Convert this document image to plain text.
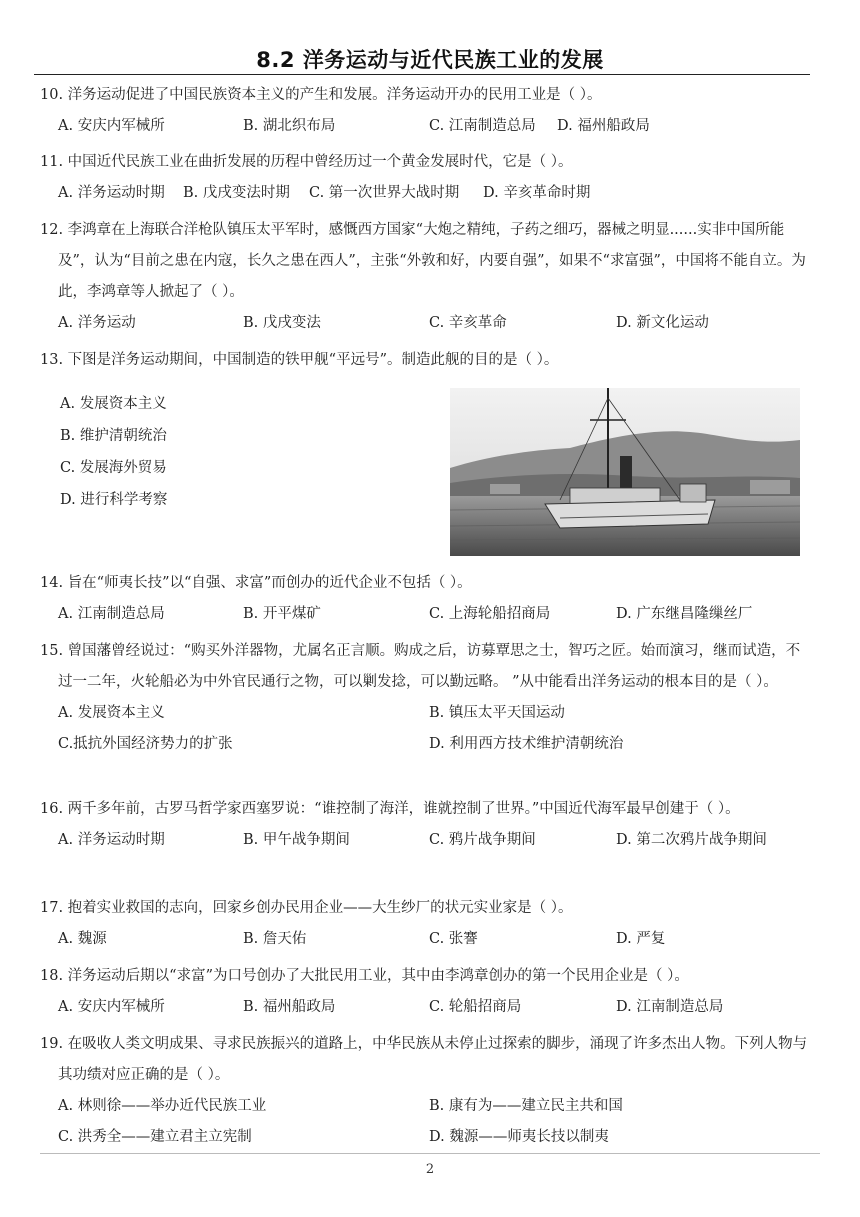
8.2 洋务运动与近代民族工业的发展
10. 洋务运动促进了中国民族资本主义的产生和发展。洋务运动开办的民用工业是（ ）。
A. 安庆内军械所	B. 湖北织布局	C. 江南制造总局 D. 福州船政局
11. 中国近代民族工业在曲折发展的历程中曾经历过一个黄金发展时代，它是（ ）。
A. 洋务运动时期 B. 戊戌变法时期 C. 第一次世界大战时期 D. 辛亥革命时期
12. 李鸿章在上海联合洋枪队镇压太平军时，感慨西方国家“大炮之精纯，子药之细巧，器械之明显......实非中国所能及”，认为“目前之患在内寇，长久之患在西人”，主张“外敦和好，内要自强”，如果不“求富强”，中国将不能自立。为此，李鸿章等人掀起了（ ）。
A. 洋务运动	B. 戊戌变法	C. 辛亥革命	D. 新文化运动
13. 下图是洋务运动期间，中国制造的铁甲舰“平远号”。制造此舰的目的是（ ）。
A. 发展资本主义
B. 维护清朝统治
C. 发展海外贸易
D. 进行科学考察
14. 旨在“师夷长技”以“自强、求富”而创办的近代企业不包括（ ）。
A. 江南制造总局	B. 开平煤矿	C. 上海轮船招商局	D. 广东继昌隆缫丝厂
15. 曾国藩曾经说过：“购买外洋器物，尤属名正言顺。购成之后，访募覃思之士，智巧之匠。始而演习，继而试造，不过一二年，火轮船必为中外官民通行之物，可以剿发捻，可以勤远略。 ”从中能看出洋务运动的根本目的是（ ）。
A. 发展资本主义	B. 镇压太平天国运动
C.抵抗外国经济势力的扩张	D. 利用西方技术维护清朝统治
16. 两千多年前，古罗马哲学家西塞罗说：“谁控制了海洋，谁就控制了世界。”中国近代海军最早创建于（ ）。
A. 洋务运动时期	B. 甲午战争期间	C. 鸦片战争期间	D. 第二次鸦片战争期间
17. 抱着实业救国的志向，回家乡创办民用企业——大生纱厂的状元实业家是（ ）。
A. 魏源	B. 詹天佑	C. 张謇	D. 严复
18. 洋务运动后期以“求富”为口号创办了大批民用工业，其中由李鸿章创办的第一个民用企业是（ ）。
A. 安庆内军械所	B. 福州船政局	C. 轮船招商局	D. 江南制造总局
19. 在吸收人类文明成果、寻求民族振兴的道路上，中华民族从未停止过探索的脚步，涌现了许多杰出人物。下列人物与其功绩对应正确的是（ ）。
A. 林则徐——举办近代民族工业	B. 康有为——建立民主共和国
C. 洪秀全——建立君主立宪制	D. 魏源——师夷长技以制夷
2
